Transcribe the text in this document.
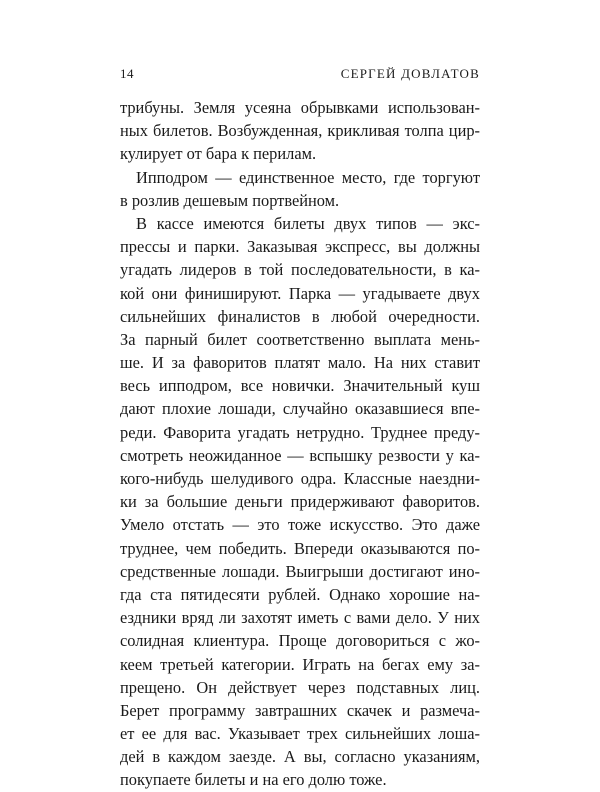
14	СЕРГЕЙ ДОВЛАТОВ
трибуны. Земля усеяна обрывками использован-
ных билетов. Возбужденная, крикливая толпа цир-
кулирует от бара к перилам.
Ипподром — единственное место, где торгуют
в розлив дешевым портвейном.
В кассе имеются билеты двух типов — экс-
прессы и парки. Заказывая экспресс, вы должны
угадать лидеров в той последовательности, в ка-
кой они финишируют. Парка — угадываете двух
сильнейших финалистов в любой очередности.
За парный билет соответственно выплата мень-
ше. И за фаворитов платят мало. На них ставит
весь ипподром, все новички. Значительный куш
дают плохие лошади, случайно оказавшиеся впе-
реди. Фаворита угадать нетрудно. Труднее преду-
смотреть неожиданное — вспышку резвости у ка-
кого-нибудь шелудивого одра. Классные наездни-
ки за большие деньги придерживают фаворитов.
Умело отстать — это тоже искусство. Это даже
труднее, чем победить. Впереди оказываются по-
средственные лошади. Выигрыши достигают ино-
гда ста пятидесяти рублей. Однако хорошие на-
ездники вряд ли захотят иметь с вами дело. У них
солидная клиентура. Проще договориться с жо-
кеем третьей категории. Играть на бегах ему за-
прещено. Он действует через подставных лиц.
Берет программу завтрашних скачек и размеча-
ет ее для вас. Указывает трех сильнейших лоша-
дей в каждом заезде. А вы, согласно указаниям,
покупаете билеты и на его долю тоже.
